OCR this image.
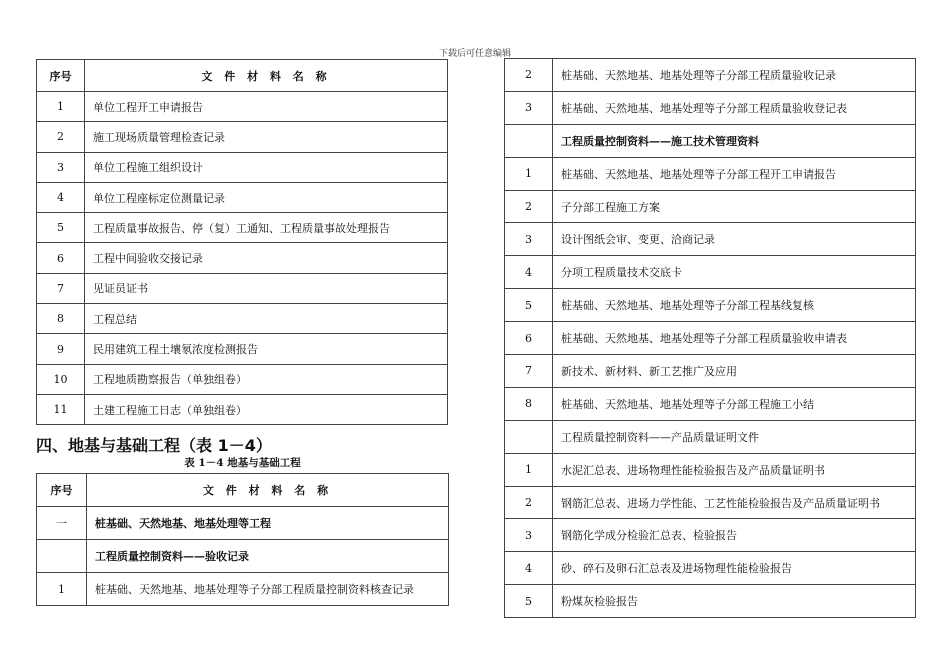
下载后可任意编辑
序号	文 件 材 料 名 称
1	单位工程开工申请报告
2	施工现场质量管理检查记录
3	单位工程施工组织设计
4	单位工程座标定位测量记录
5	工程质量事故报告、停（复）工通知、工程质量事故处理报告
6	工程中间验收交接记录
7	见证员证书
8	工程总结
9	民用建筑工程土壤氡浓度检测报告
10	工程地质勘察报告（单独组卷）
11	土建工程施工日志（单独组卷）
四、地基与基础工程（表 1－4）
表 1－4 地基与基础工程
序号	文 件 材 料 名 称
一	桩基础、天然地基、地基处理等工程
	工程质量控制资料——验收记录
1	桩基础、天然地基、地基处理等子分部工程质量控制资料核查记录
2	桩基础、天然地基、地基处理等子分部工程质量验收记录
3	桩基础、天然地基、地基处理等子分部工程质量验收登记表
	工程质量控制资料——施工技术管理资料
1	桩基础、天然地基、地基处理等子分部工程开工申请报告
2	子分部工程施工方案
3	设计图纸会审、变更、洽商记录
4	分项工程质量技术交底卡
5	桩基础、天然地基、地基处理等子分部工程基线复核
6	桩基础、天然地基、地基处理等子分部工程质量验收申请表
7	新技术、新材料、新工艺推广及应用
8	桩基础、天然地基、地基处理等子分部工程施工小结
	工程质量控制资料——产品质量证明文件
1	水泥汇总表、进场物理性能检验报告及产品质量证明书
2	钢筋汇总表、进场力学性能、工艺性能检验报告及产品质量证明书
3	钢筋化学成分检验汇总表、检验报告
4	砂、碎石及卵石汇总表及进场物理性能检验报告
5	粉煤灰检验报告
